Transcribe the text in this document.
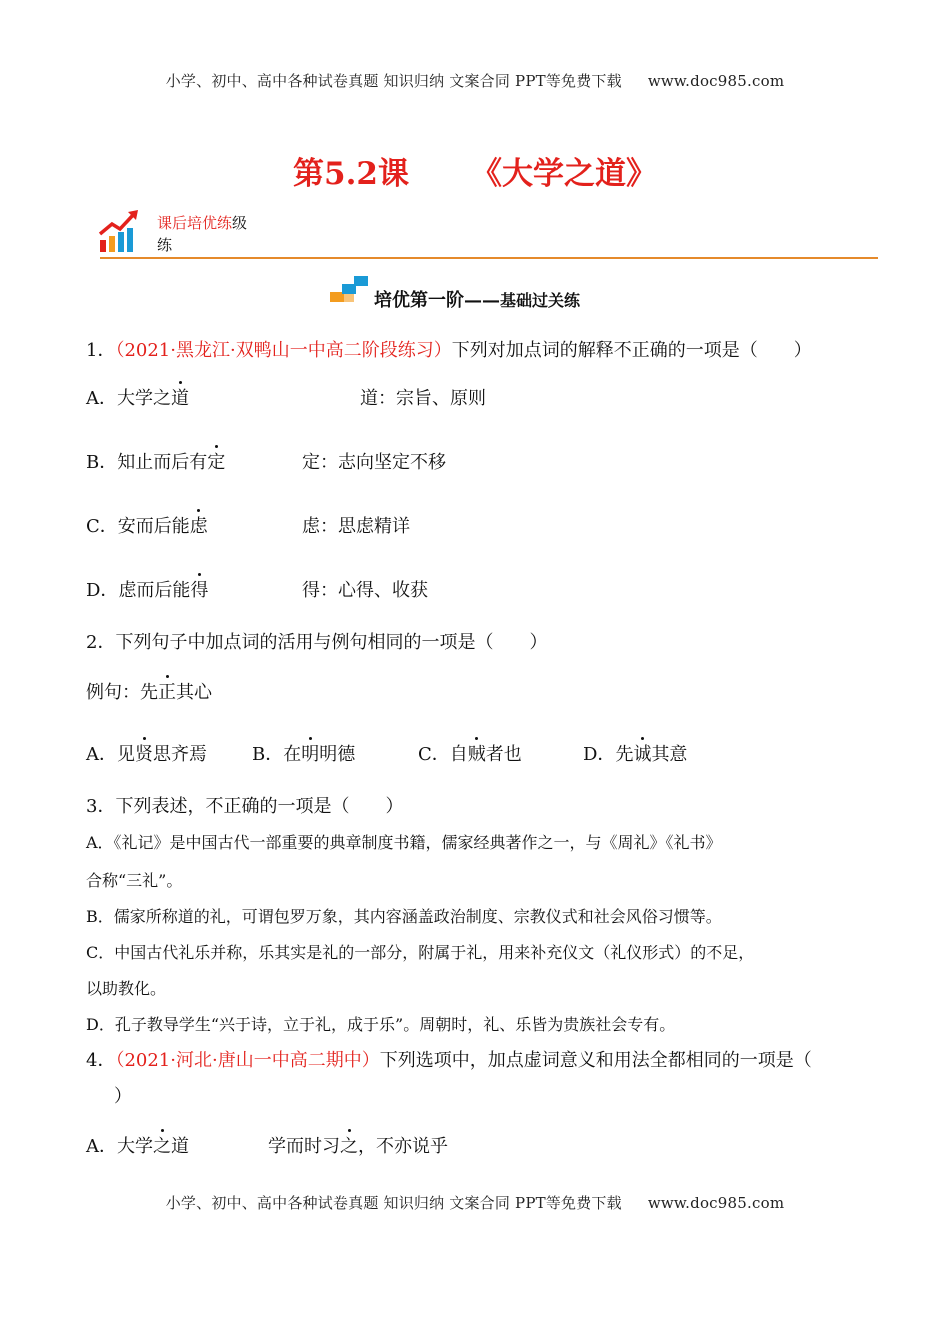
小学、初中、高中各种试卷真题 知识归纳 文案合同 PPT等免费下载 www.doc985.com
第5.2课 《大学之道》
课后培优练级
练
培优第一阶——基础过关练
1．（2021·黑龙江·双鸭山一中高二阶段练习）下列对加点词的解释不正确的一项是（　　）
A．大学之道	道：宗旨、原则
B．知止而后有定	定：志向坚定不移
C．安而后能虑	虑：思虑精详
D．虑而后能得	得：心得、收获
2．下列句子中加点词的活用与例句相同的一项是（　　）
例句：先正其心
A．见贤思齐焉	B．在明明德	C．自贼者也	D．先诚其意
3．下列表述，不正确的一项是（　　）
A．《礼记》是中国古代一部重要的典章制度书籍，儒家经典著作之一，与《周礼》《礼书》
合称“三礼”。
B．儒家所称道的礼，可谓包罗万象，其内容涵盖政治制度、宗教仪式和社会风俗习惯等。
C．中国古代礼乐并称，乐其实是礼的一部分，附属于礼，用来补充仪文（礼仪形式）的不足，
以助教化。
D．孔子教导学生“兴于诗，立于礼，成于乐”。周朝时，礼、乐皆为贵族社会专有。
4．（2021·河北·唐山一中高二期中）下列选项中，加点虚词意义和用法全都相同的一项是（
）
A．大学之道	学而时习之，不亦说乎
小学、初中、高中各种试卷真题 知识归纳 文案合同 PPT等免费下载 www.doc985.com
